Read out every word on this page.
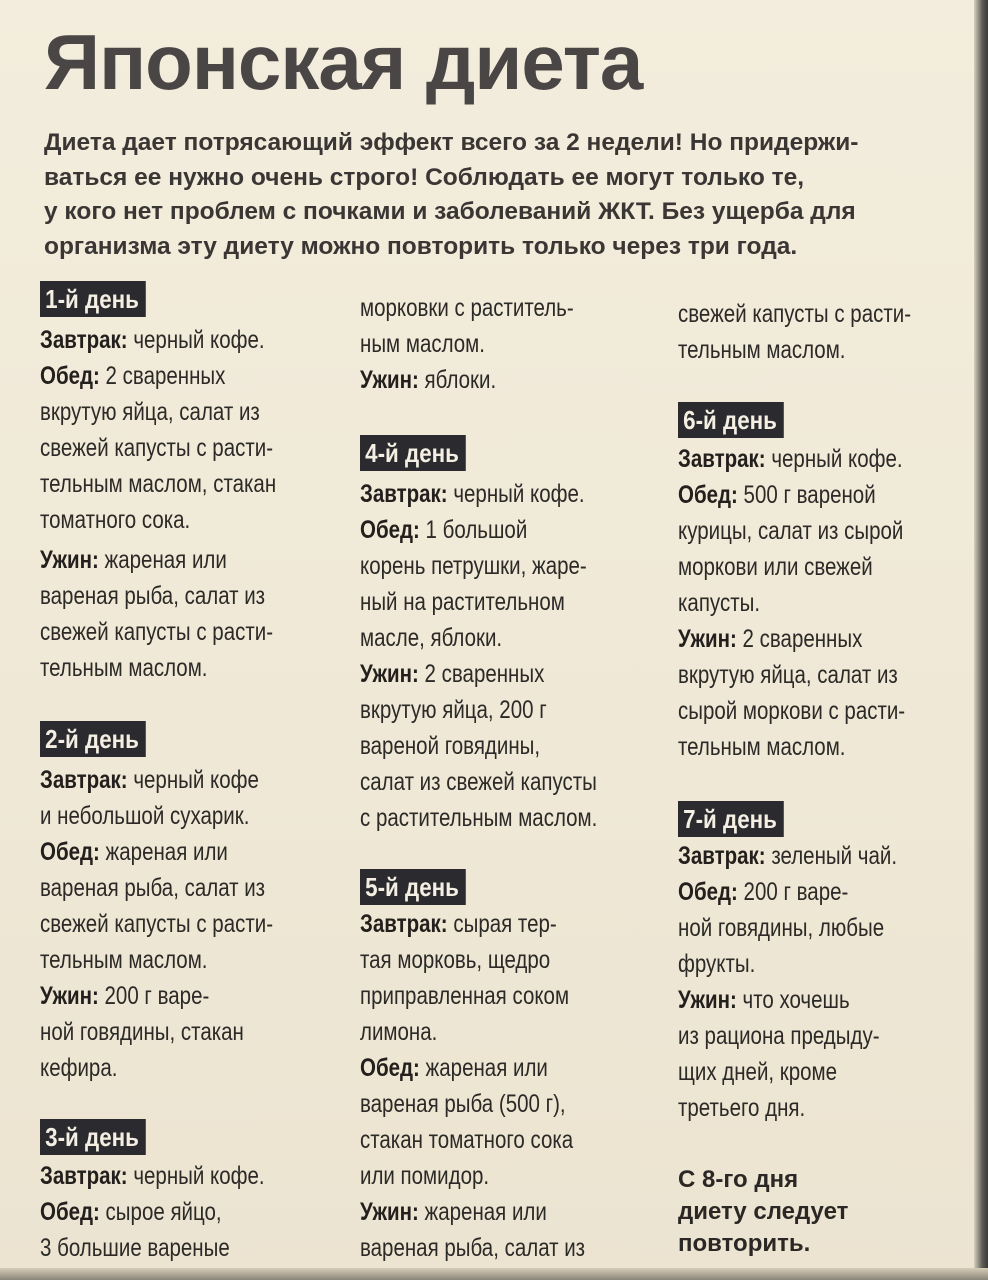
Японская диета
Диета дает потрясающий эффект всего за 2 недели! Но придержи-
ваться ее нужно очень строго! Соблюдать ее могут только те,
у кого нет проблем с почками и заболеваний ЖКТ. Без ущерба для
организма эту диету можно повторить только через три года.
1-й день
Завтрак: черный кофе.
Обед: 2 сваренных
вкрутую яйца, салат из
свежей капусты с расти-
тельным маслом, стакан
томатного сока.
Ужин: жареная или
вареная рыба, салат из
свежей капусты с расти-
тельным маслом.
2-й день
Завтрак: черный кофе
и небольшой сухарик.
Обед: жареная или
вареная рыба, салат из
свежей капусты с расти-
тельным маслом.
Ужин: 200 г варе-
ной говядины, стакан
кефира.
3-й день
Завтрак: черный кофе.
Обед: сырое яйцо,
3 большие вареные
морковки с раститель-
ным маслом.
Ужин: яблоки.
4-й день
Завтрак: черный кофе.
Обед: 1 большой
корень петрушки, жаре-
ный на растительном
масле, яблоки.
Ужин: 2 сваренных
вкрутую яйца, 200 г
вареной говядины,
салат из свежей капусты
с растительным маслом.
5-й день
Завтрак: сырая тер-
тая морковь, щедро
приправленная соком
лимона.
Обед: жареная или
вареная рыба (500 г),
стакан томатного сока
или помидор.
Ужин: жареная или
вареная рыба, салат из
свежей капусты с расти-
тельным маслом.
6-й день
Завтрак: черный кофе.
Обед: 500 г вареной
курицы, салат из сырой
моркови или свежей
капусты.
Ужин: 2 сваренных
вкрутую яйца, салат из
сырой моркови с расти-
тельным маслом.
7-й день
Завтрак: зеленый чай.
Обед: 200 г варе-
ной говядины, любые
фрукты.
Ужин: что хочешь
из рациона предыду-
щих дней, кроме
третьего дня.
С 8-го дня
диету следует
повторить.
